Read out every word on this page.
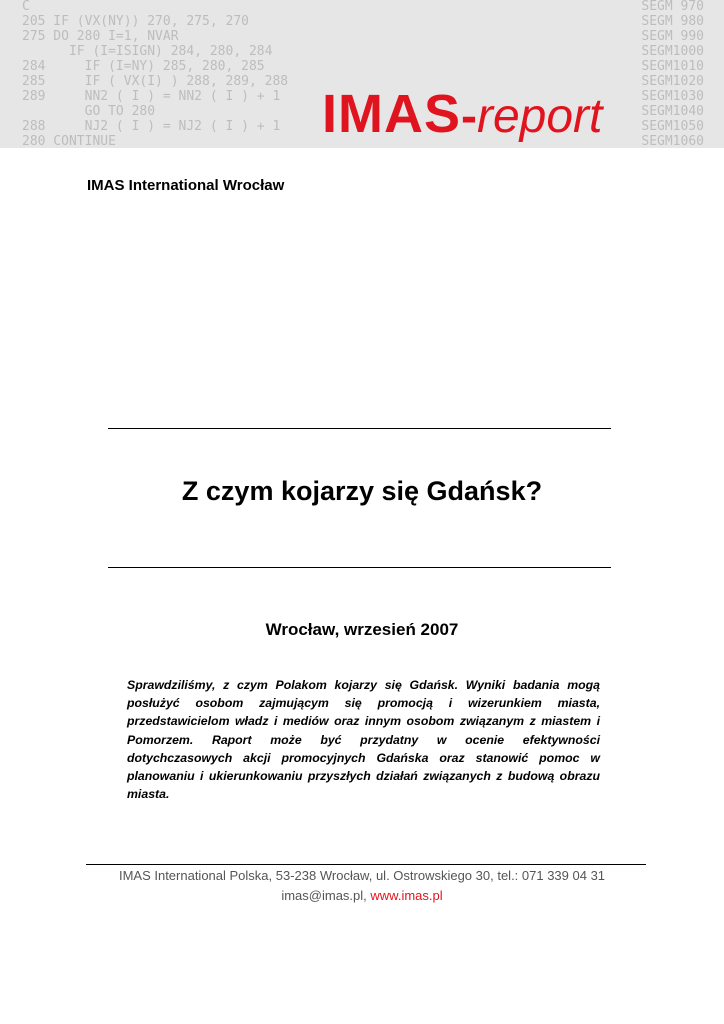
C	SEGM 970
205 IF (VX(NY)) 270, 275, 270	SEGM 980
275 DO 280 I=1, NVAR	SEGM 990
IF (I=ISIGN) 284, 280, 284	SEGM1000
284     IF (I=NY) 285, 280, 285	SEGM1010
285     IF ( VX(I) ) 288, 289, 288	SEGM1020
289     NN2 ( I ) = NN2 ( I ) + 1	SEGM1030
GO TO 280	SEGM1040
288     NJ2 ( I ) = NJ2 ( I ) + 1	SEGM1050
280 CONTINUE	SEGM1060
IMAS-report
IMAS International Wrocław
Z czym kojarzy się Gdańsk?
Wrocław, wrzesień 2007

Sprawdziliśmy, z czym Polakom kojarzy się Gdańsk. Wyniki badania mogą posłużyć osobom zajmującym się promocją i wizerunkiem miasta, przedstawicielom władz i mediów oraz innym osobom związanym z miastem i Pomorzem. Raport może być przydatny w ocenie efektywności dotychczasowych akcji promocyjnych Gdańska oraz stanowić pomoc w planowaniu i ukierunkowaniu przyszłych działań związanych z budową obrazu miasta.

IMAS International Polska, 53-238 Wrocław, ul. Ostrowskiego 30, tel.: 071 339 04 31
imas@imas.pl, www.imas.pl
